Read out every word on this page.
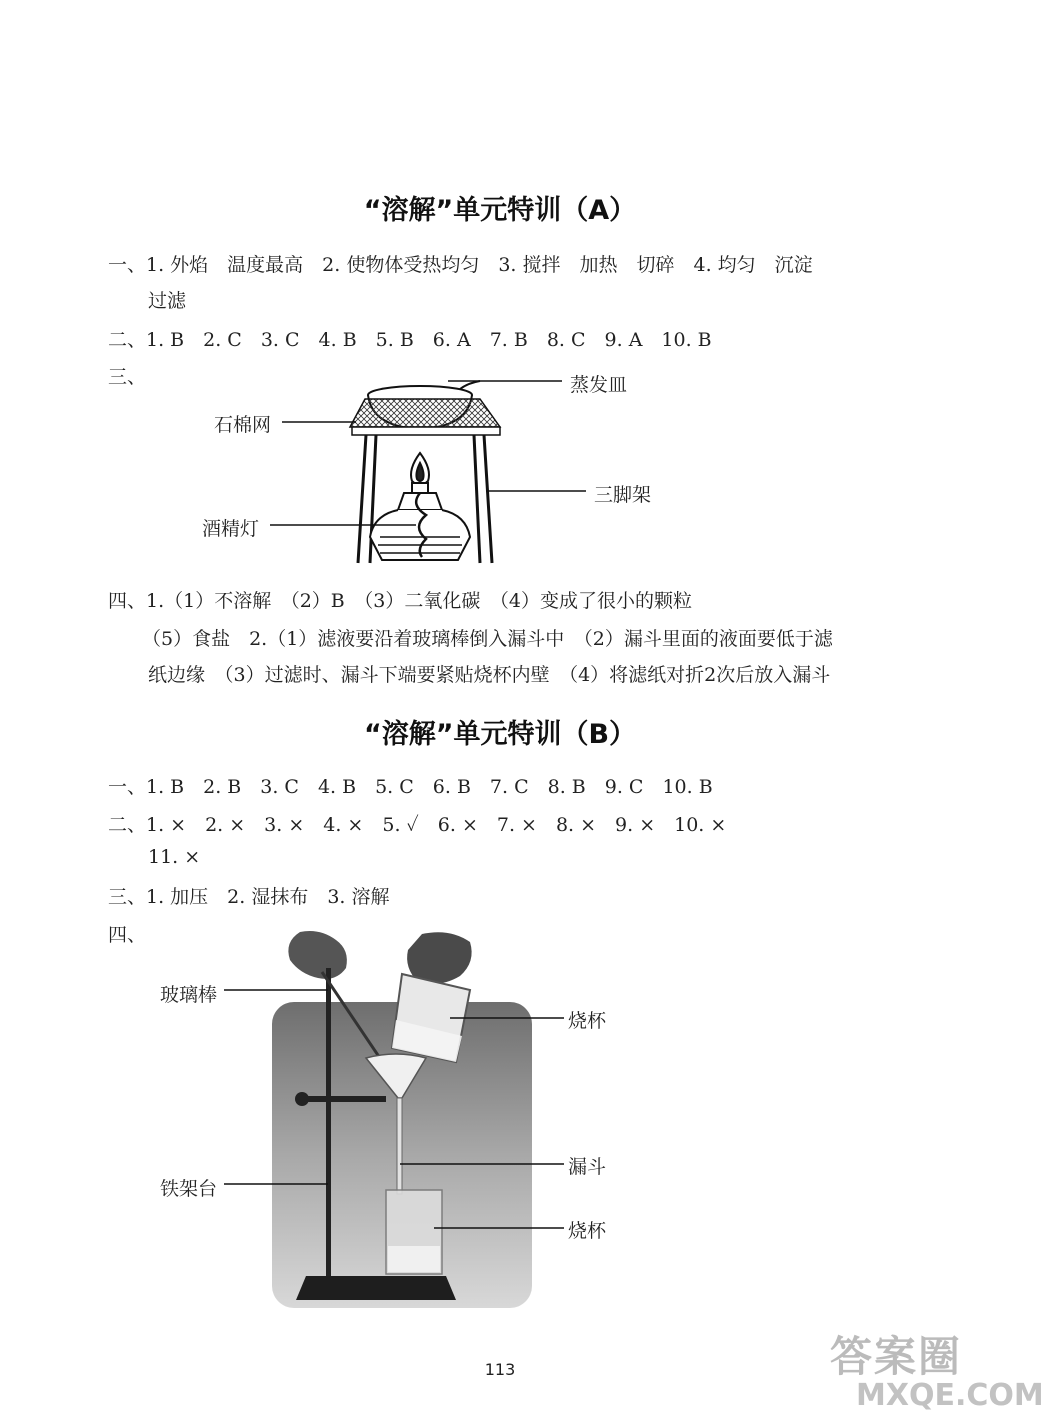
“溶解”单元特训（A）
一、1. 外焰　温度最高　2. 使物体受热均匀　3. 搅拌　加热　切碎　4. 均匀　沉淀
过滤
二、1. B　2. C　3. C　4. B　5. B　6. A　7. B　8. C　9. A　10. B
三、	蒸发皿
石棉网
三脚架
酒精灯
四、1.（1）不溶解　（2）B　（3）二氧化碳　（4）变成了很小的颗粒
（5）食盐　2.（1）滤液要沿着玻璃棒倒入漏斗中　（2）漏斗里面的液面要低于滤
纸边缘　（3）过滤时、漏斗下端要紧贴烧杯内壁　（4）将滤纸对折2次后放入漏斗
“溶解”单元特训（B）
一、1. B　2. B　3. C　4. B　5. C　6. B　7. C　8. B　9. C　10. B
二、1. ×　2. ×　3. ×　4. ×　5. ✓　6. ×　7. ×　8. ×　9. ×　10. ×
11. ×
三、1. 加压　2. 湿抹布　3. 溶解
四、
玻璃棒
烧杯
漏斗
铁架台
烧杯
113	答案圈
MXQE.COM
